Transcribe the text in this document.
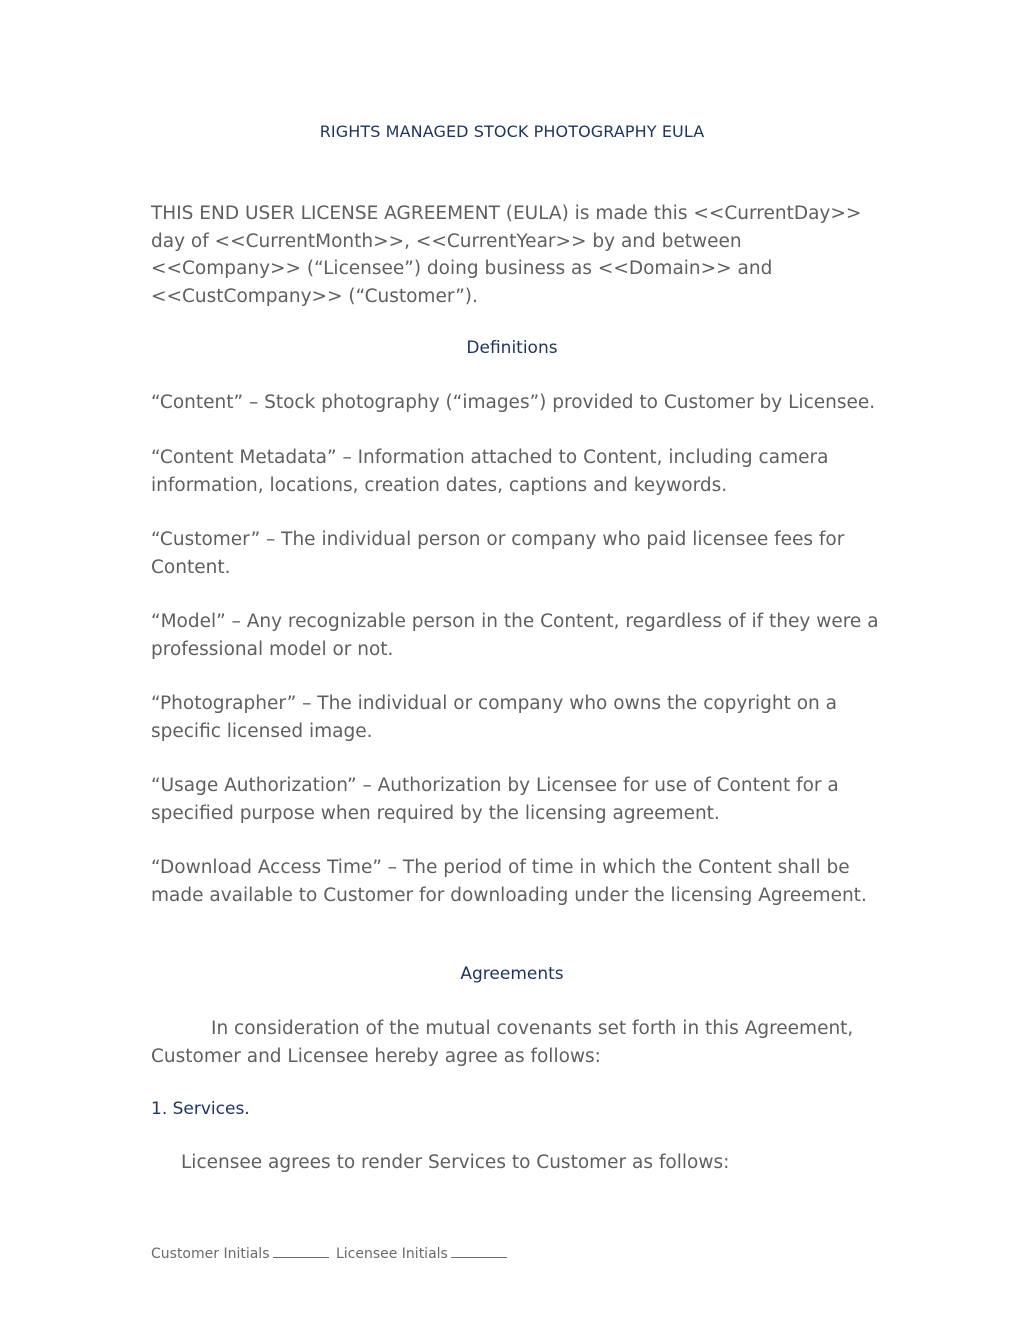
RIGHTS MANAGED STOCK PHOTOGRAPHY EULA
THIS END USER LICENSE AGREEMENT (EULA) is made this <<CurrentDay>> day of <<CurrentMonth>>, <<CurrentYear>> by and between <<Company>> (“Licensee”) doing business as <<Domain>> and <<CustCompany>> (“Customer”).
Definitions
“Content” – Stock photography (“images”) provided to Customer by Licensee.
“Content Metadata” – Information attached to Content, including camera information, locations, creation dates, captions and keywords.
“Customer” – The individual person or company who paid licensee fees for Content.
“Model” – Any recognizable person in the Content, regardless of if they were a professional model or not.
“Photographer” – The individual or company who owns the copyright on a specific licensed image.
“Usage Authorization” – Authorization by Licensee for use of Content for a specified purpose when required by the licensing agreement.
“Download Access Time” – The period of time in which the Content shall be made available to Customer for downloading under the licensing Agreement.
Agreements
In consideration of the mutual covenants set forth in this Agreement, Customer and Licensee hereby agree as follows:
1. Services.
Licensee agrees to render Services to Customer as follows:
Customer Initials	Licensee Initials
